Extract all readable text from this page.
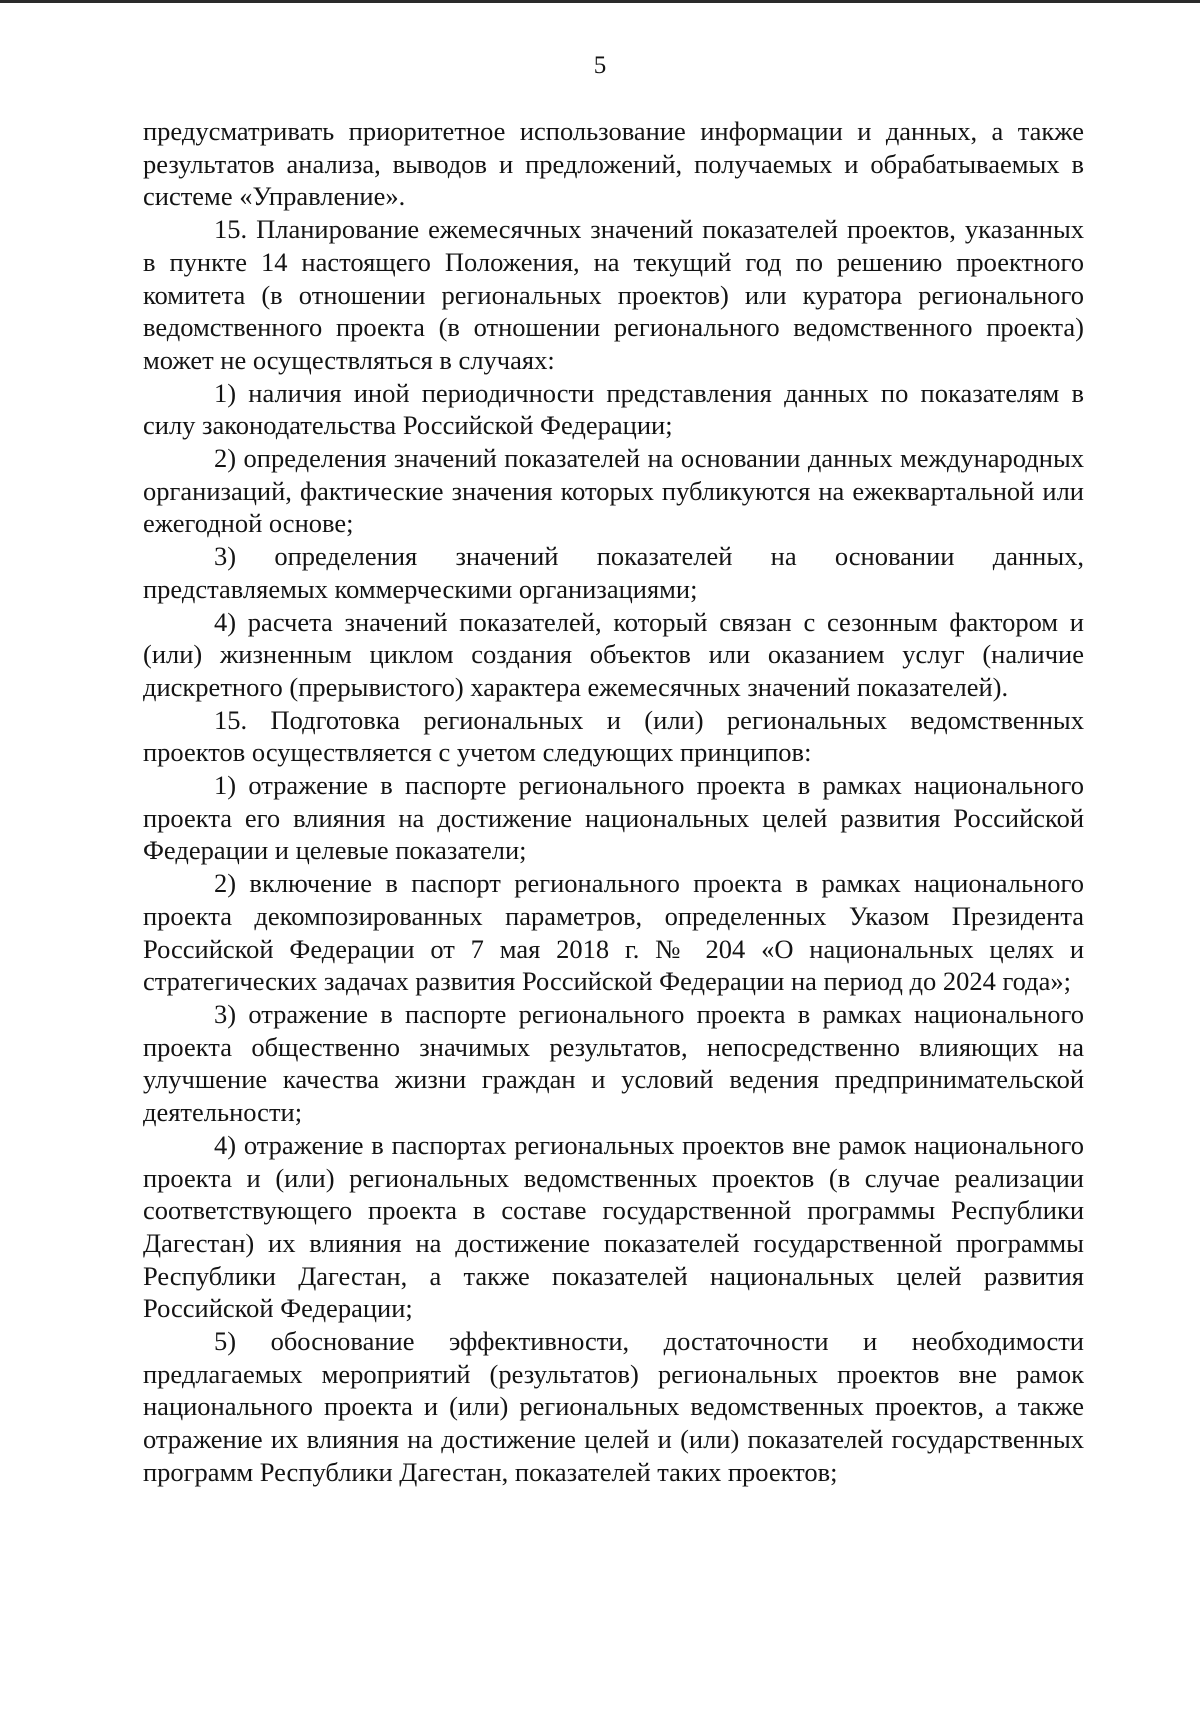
5

предусматривать приоритетное использование информации и данных, а также результатов анализа, выводов и предложений, получаемых и обрабатываемых в системе «Управление».

15. Планирование ежемесячных значений показателей проектов, указанных в пункте 14 настоящего Положения, на текущий год по решению проектного комитета (в отношении региональных проектов) или куратора регионального ведомственного проекта (в отношении регионального ведомственного проекта) может не осуществляться в случаях:

1) наличия иной периодичности представления данных по показателям в силу законодательства Российской Федерации;

2) определения значений показателей на основании данных международных организаций, фактические значения которых публикуются на ежеквартальной или ежегодной основе;

3) определения значений показателей на основании данных, представляемых коммерческими организациями;

4) расчета значений показателей, который связан с сезонным фактором и (или) жизненным циклом создания объектов или оказанием услуг (наличие дискретного (прерывистого) характера ежемесячных значений показателей).

15. Подготовка региональных и (или) региональных ведомственных проектов осуществляется с учетом следующих принципов:

1) отражение в паспорте регионального проекта в рамках национального проекта его влияния на достижение национальных целей развития Российской Федерации и целевые показатели;

2) включение в паспорт регионального проекта в рамках национального проекта декомпозированных параметров, определенных Указом Президента Российской Федерации от 7 мая 2018 г. № 204 «О национальных целях и стратегических задачах развития Российской Федерации на период до 2024 года»;

3) отражение в паспорте регионального проекта в рамках национального проекта общественно значимых результатов, непосредственно влияющих на улучшение качества жизни граждан и условий ведения предпринимательской деятельности;

4) отражение в паспортах региональных проектов вне рамок национального проекта и (или) региональных ведомственных проектов (в случае реализации соответствующего проекта в составе государственной программы Республики Дагестан) их влияния на достижение показателей государственной программы Республики Дагестан, а также показателей национальных целей развития Российской Федерации;

5) обоснование эффективности, достаточности и необходимости предлагаемых мероприятий (результатов) региональных проектов вне рамок национального проекта и (или) региональных ведомственных проектов, а также отражение их влияния на достижение целей и (или) показателей государственных программ Республики Дагестан, показателей таких проектов;
